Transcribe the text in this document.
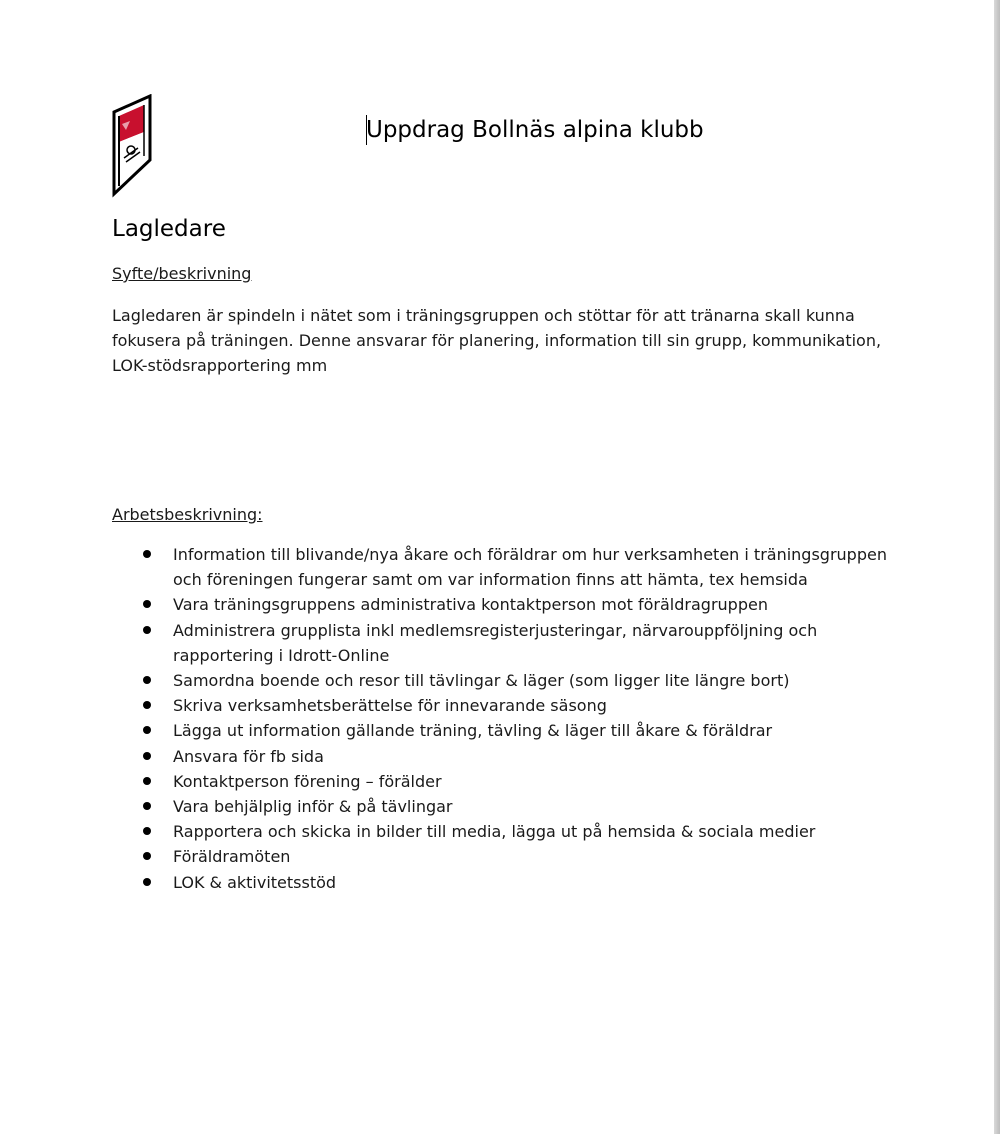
Uppdrag Bollnäs alpina klubb
Lagledare
Syfte/beskrivning

Lagledaren är spindeln i nätet som i träningsgruppen och stöttar för att tränarna skall kunna fokusera på träningen. Denne ansvarar för planering, information till sin grupp, kommunikation, LOK-stödsrapportering mm

Arbetsbeskrivning:
Information till blivande/nya åkare och föräldrar om hur verksamheten i träningsgruppen och föreningen fungerar samt om var information finns att hämta, tex hemsida
Vara träningsgruppens administrativa kontaktperson mot föräldragruppen
Administrera grupplista inkl medlemsregisterjusteringar, närvarouppföljning och rapportering i Idrott-Online
Samordna boende och resor till tävlingar & läger (som ligger lite längre bort)
Skriva verksamhetsberättelse för innevarande säsong
Lägga ut information gällande träning, tävling & läger till åkare & föräldrar
Ansvara för fb sida
Kontaktperson förening – förälder
Vara behjälplig inför & på tävlingar
Rapportera och skicka in bilder till media, lägga ut på hemsida & sociala medier
Föräldramöten
LOK & aktivitetsstöd
